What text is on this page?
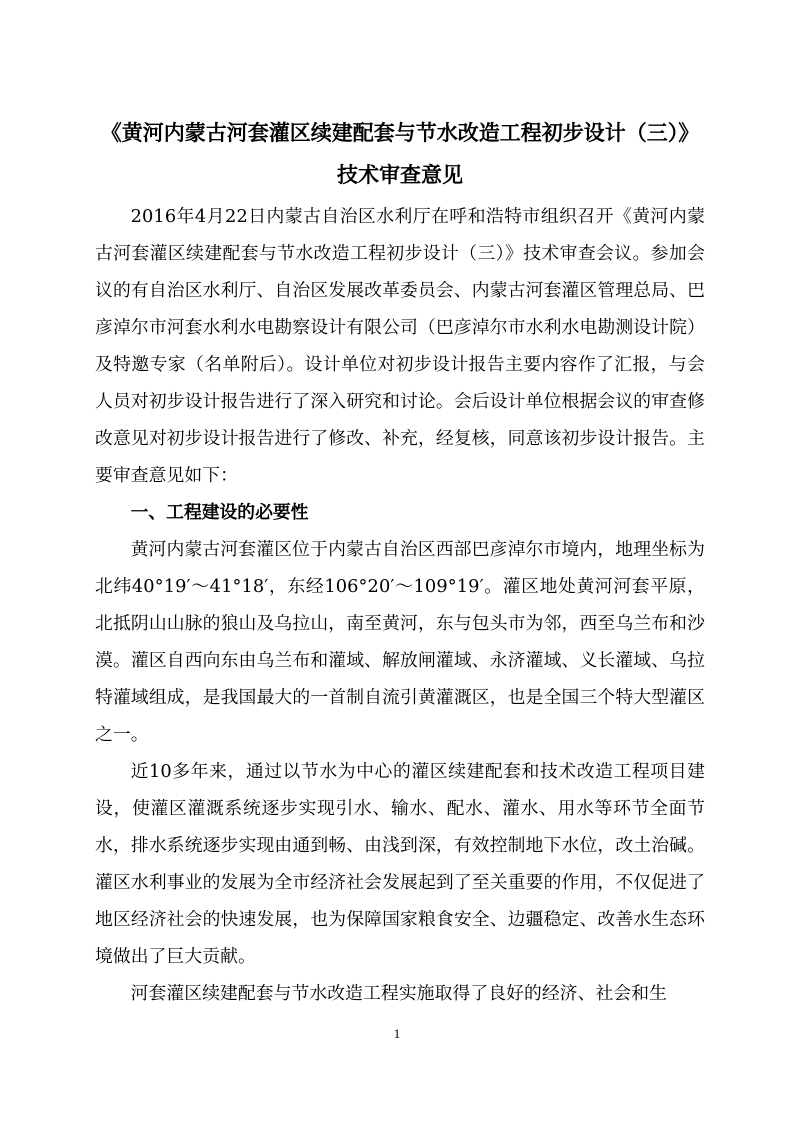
《黄河内蒙古河套灌区续建配套与节水改造工程初步设计（三）》
技术审查意见

2016年4月22日内蒙古自治区水利厅在呼和浩特市组织召开《黄河内蒙古河套灌区续建配套与节水改造工程初步设计（三）》技术审查会议。参加会议的有自治区水利厅、自治区发展改革委员会、内蒙古河套灌区管理总局、巴彦淖尔市河套水利水电勘察设计有限公司（巴彦淖尔市水利水电勘测设计院）及特邀专家（名单附后）。设计单位对初步设计报告主要内容作了汇报，与会人员对初步设计报告进行了深入研究和讨论。会后设计单位根据会议的审查修改意见对初步设计报告进行了修改、补充，经复核，同意该初步设计报告。主要审查意见如下：

一、工程建设的必要性

黄河内蒙古河套灌区位于内蒙古自治区西部巴彦淖尔市境内，地理坐标为北纬40°19′～41°18′，东经106°20′～109°19′。灌区地处黄河河套平原，北抵阴山山脉的狼山及乌拉山，南至黄河，东与包头市为邻，西至乌兰布和沙漠。灌区自西向东由乌兰布和灌域、解放闸灌域、永济灌域、义长灌域、乌拉特灌域组成，是我国最大的一首制自流引黄灌溉区，也是全国三个特大型灌区之一。

近10多年来，通过以节水为中心的灌区续建配套和技术改造工程项目建设，使灌区灌溉系统逐步实现引水、输水、配水、灌水、用水等环节全面节水，排水系统逐步实现由通到畅、由浅到深，有效控制地下水位，改土治碱。灌区水利事业的发展为全市经济社会发展起到了至关重要的作用，不仅促进了地区经济社会的快速发展，也为保障国家粮食安全、边疆稳定、改善水生态环境做出了巨大贡献。

河套灌区续建配套与节水改造工程实施取得了良好的经济、社会和生

1
